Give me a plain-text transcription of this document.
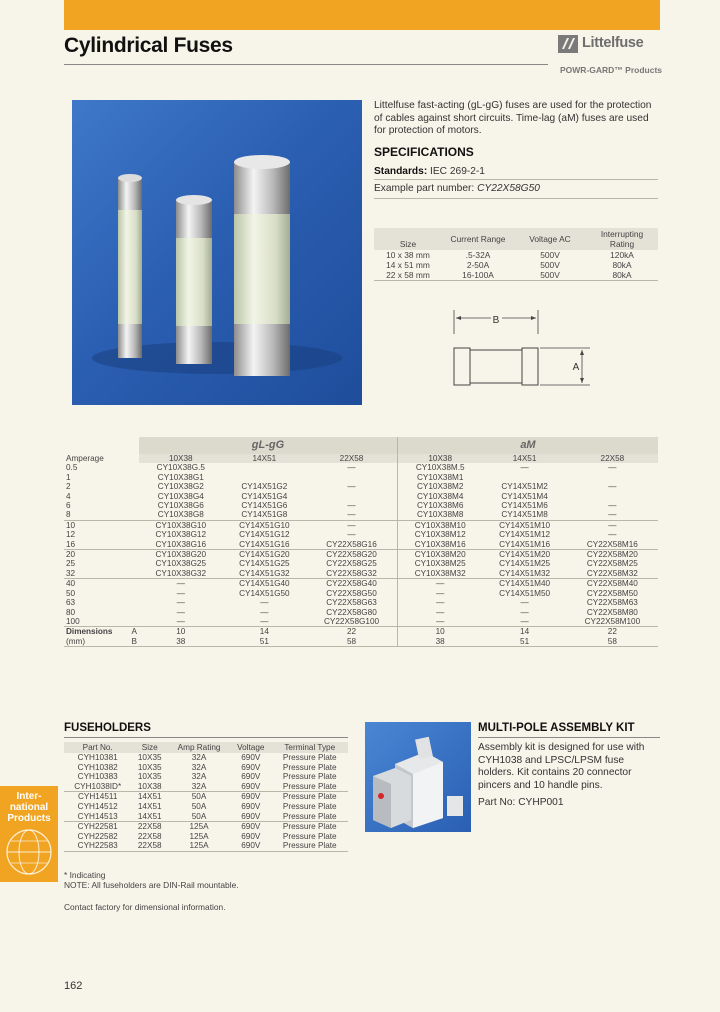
Cylindrical Fuses	Littelfuse
POWR-GARD™ Products

Littelfuse fast-acting (gL-gG) fuses are used for the protection of cables against short circuits. Time-lag (aM) fuses are used for protection of motors.

SPECIFICATIONS

Standards: IEC 269-2-1

Example part number: CY22X58G50

Size	Current Range	Voltage AC	Interrupting Rating
10 x 38 mm	.5-32A	500V	120kA
14 x 51 mm	2-50A	500V	80kA
22 x 58 mm	16-100A	500V	80kA
B
A
	gL-gG			aM		
Amperage	10X38	14X51	22X58	10X38	14X51	22X58
0.5	CY10X38G.5		—	CY10X38M.5	—	—
1	CY10X38G1			CY10X38M1		
2	CY10X38G2	CY14X51G2	—	CY10X38M2	CY14X51M2	—
4	CY10X38G4	CY14X51G4		CY10X38M4	CY14X51M4	
6	CY10X38G6	CY14X51G6	—	CY10X38M6	CY14X51M6	—
8	CY10X38G8	CY14X51G8	—	CY10X38M8	CY14X51M8	—
10	CY10X38G10	CY14X51G10	—	CY10X38M10	CY14X51M10	—
12	CY10X38G12	CY14X51G12	—	CY10X38M12	CY14X51M12	—
16	CY10X38G16	CY14X51G16	CY22X58G16	CY10X38M16	CY14X51M16	CY22X58M16
20	CY10X38G20	CY14X51G20	CY22X58G20	CY10X38M20	CY14X51M20	CY22X58M20
25	CY10X38G25	CY14X51G25	CY22X58G25	CY10X38M25	CY14X51M25	CY22X58M25
32	CY10X38G32	CY14X51G32	CY22X58G32	CY10X38M32	CY14X51M32	CY22X58M32
40	—	CY14X51G40	CY22X58G40	—	CY14X51M40	CY22X58M40
50	—	CY14X51G50	CY22X58G50	—	CY14X51M50	CY22X58M50
63	—	—	CY22X58G63	—	—	CY22X58M63
80	—	—	CY22X58G80	—	—	CY22X58M80
100	—	—	CY22X58G100	—	—	CY22X58M100
Dimensions A	10	14	22	10	14	22
(mm) B	38	51	58	38	51	58
FUSEHOLDERS
Part No.	Size	Amp Rating	Voltage	Terminal Type
CYH10381	10X35	32A	690V	Pressure Plate
CYH10382	10X35	32A	690V	Pressure Plate
CYH10383	10X35	32A	690V	Pressure Plate
CYH1038ID*	10X38	32A	690V	Pressure Plate
CYH14511	14X51	50A	690V	Pressure Plate
CYH14512	14X51	50A	690V	Pressure Plate
CYH14513	14X51	50A	690V	Pressure Plate
CYH22581	22X58	125A	690V	Pressure Plate
CYH22582	22X58	125A	690V	Pressure Plate
CYH22583	22X58	125A	690V	Pressure Plate
* Indicating
NOTE: All fuseholders are DIN-Rail mountable.
Contact factory for dimensional information.
Inter-
national
Products
MULTI-POLE ASSEMBLY KIT

Assembly kit is designed for use with CYH1038 and LPSC/LPSM fuse holders. Kit contains 20 connector pincers and 10 handle pins.

Part No: CYHP001

162
